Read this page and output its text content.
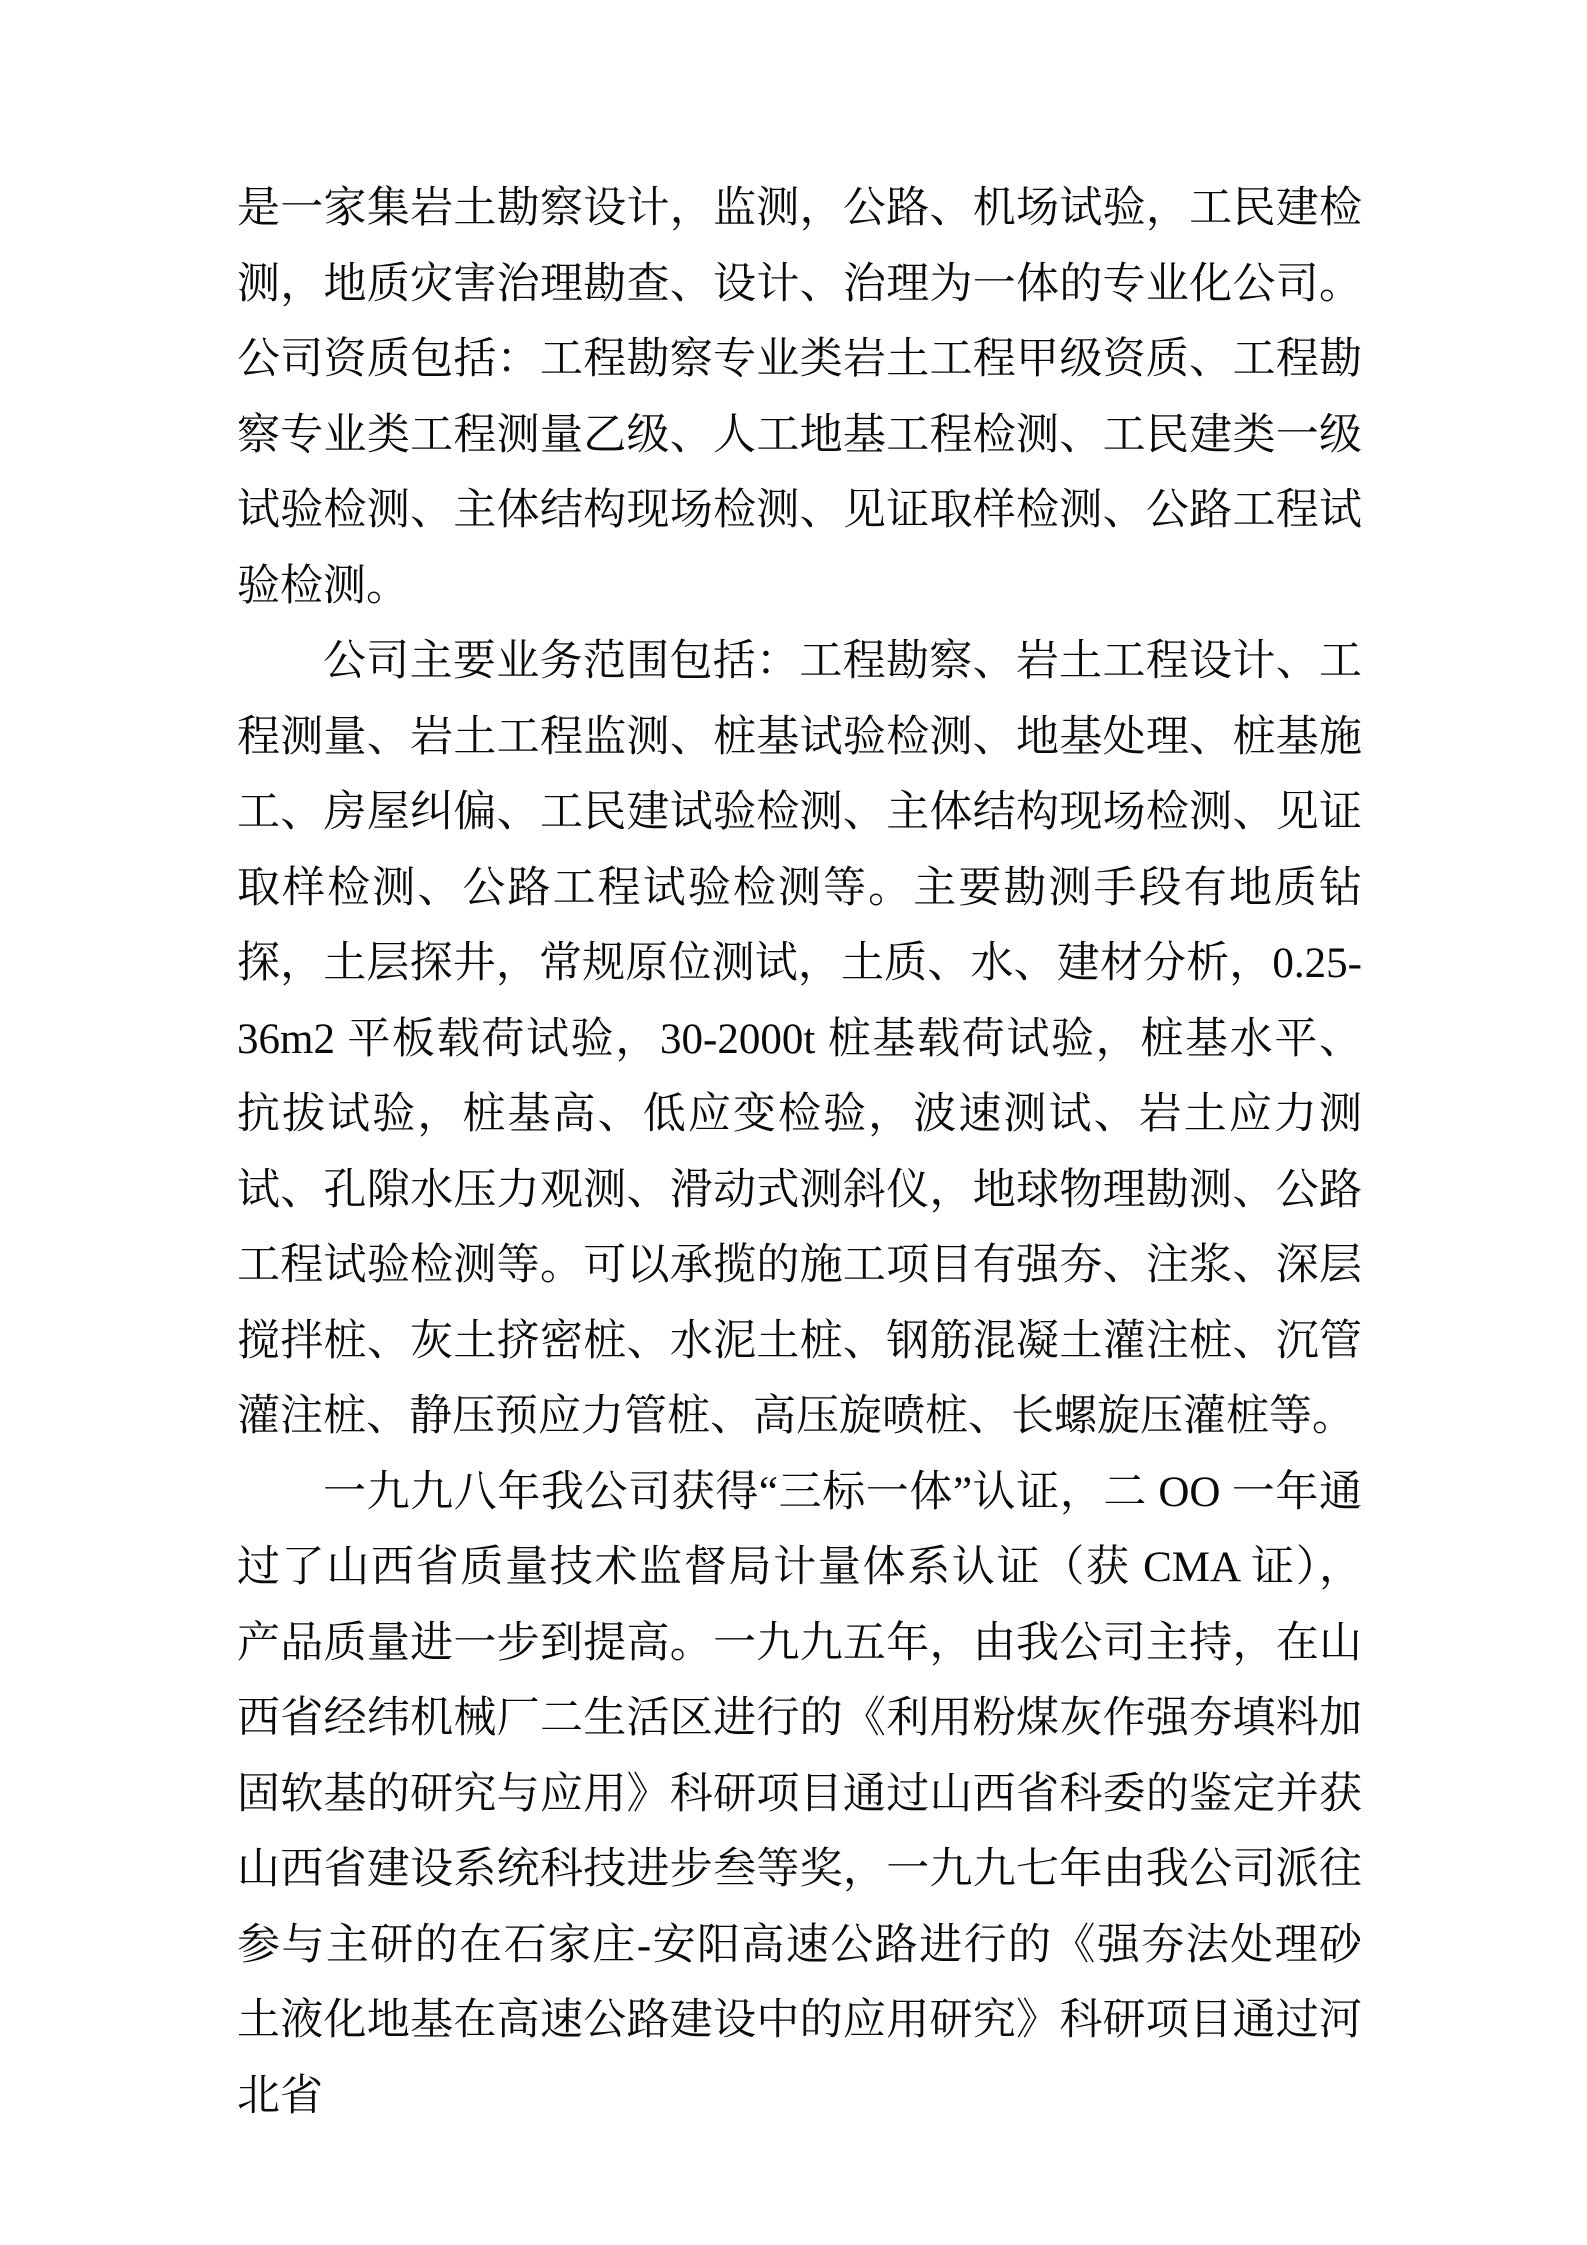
是一家集岩土勘察设计，监测，公路、机场试验，工民建检测，地质灾害治理勘查、设计、治理为一体的专业化公司。公司资质包括：工程勘察专业类岩土工程甲级资质、工程勘察专业类工程测量乙级、人工地基工程检测、工民建类一级试验检测、主体结构现场检测、见证取样检测、公路工程试验检测。

公司主要业务范围包括：工程勘察、岩土工程设计、工程测量、岩土工程监测、桩基试验检测、地基处理、桩基施工、房屋纠偏、工民建试验检测、主体结构现场检测、见证取样检测、公路工程试验检测等。主要勘测手段有地质钻探，土层探井，常规原位测试，土质、水、建材分析，0.25-36m2 平板载荷试验，30-2000t 桩基载荷试验，桩基水平、抗拔试验，桩基高、低应变检验，波速测试、岩土应力测试、孔隙水压力观测、滑动式测斜仪，地球物理勘测、公路工程试验检测等。可以承揽的施工项目有强夯、注浆、深层搅拌桩、灰土挤密桩、水泥土桩、钢筋混凝土灌注桩、沉管灌注桩、静压预应力管桩、高压旋喷桩、长螺旋压灌桩等。

一九九八年我公司获得“三标一体”认证，二 OO 一年通过了山西省质量技术监督局计量体系认证（获 CMA 证），产品质量进一步到提高。一九九五年，由我公司主持，在山西省经纬机械厂二生活区进行的《利用粉煤灰作强夯填料加固软基的研究与应用》科研项目通过山西省科委的鉴定并获山西省建设系统科技进步叁等奖，一九九七年由我公司派往参与主研的在石家庄-安阳高速公路进行的《强夯法处理砂土液化地基在高速公路建设中的应用研究》科研项目通过河北省
